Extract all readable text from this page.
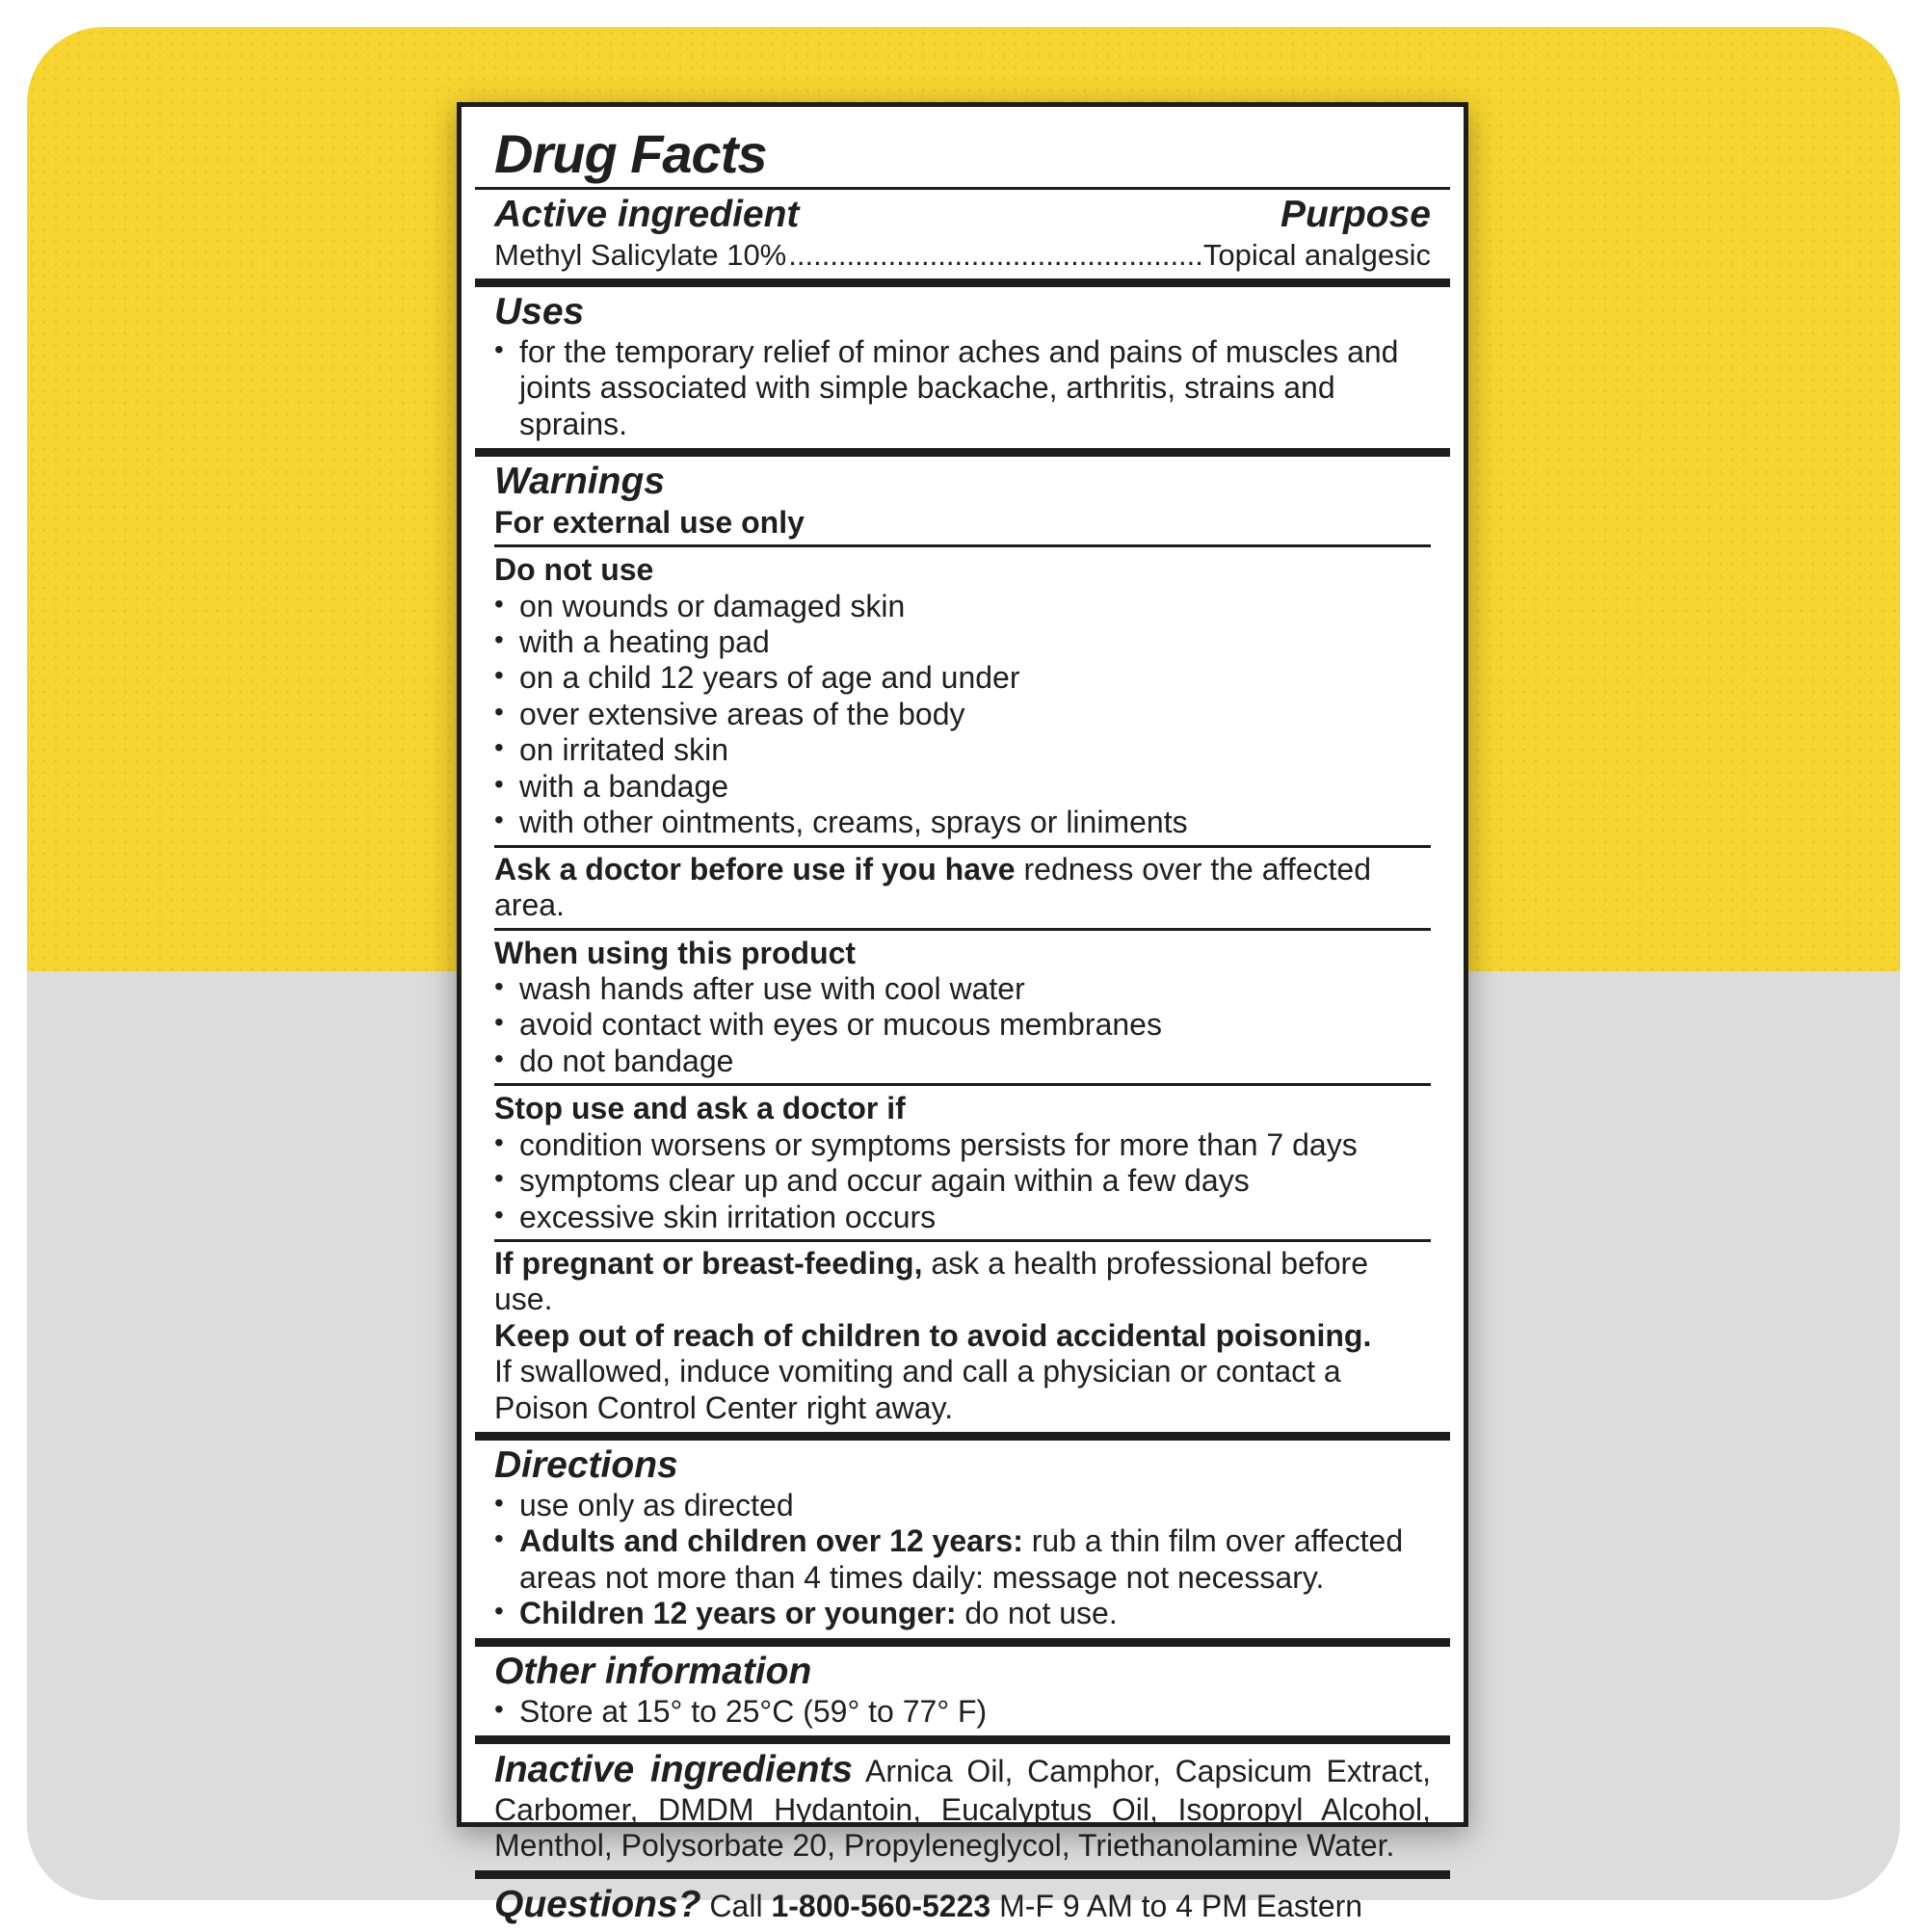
Drug Facts
Active ingredient	Purpose
Methyl Salicylate 10%
.....	Topical analgesic
Uses
• for the temporary relief of minor aches and pains of muscles and joints associated with simple backache, arthritis, strains and sprains.
Warnings
For external use only
Do not use
• on wounds or damaged skin
• with a heating pad
• on a child 12 years of age and under
• over extensive areas of the body
• on irritated skin
• with a bandage
• with other ointments, creams, sprays or liniments
Ask a doctor before use if you have redness over the affected area.
When using this product
• wash hands after use with cool water
• avoid contact with eyes or mucous membranes
• do not bandage
Stop use and ask a doctor if
• condition worsens or symptoms persists for more than 7 days
• symptoms clear up and occur again within a few days
• excessive skin irritation occurs
If pregnant or breast-feeding, ask a health professional before use.
Keep out of reach of children to avoid accidental poisoning.
If swallowed, induce vomiting and call a physician or contact a Poison Control Center right away.
Directions
• use only as directed
• Adults and children over 12 years: rub a thin film over affected areas not more than 4 times daily: message not necessary.
• Children 12 years or younger: do not use.
Other information
• Store at 15° to 25°C (59° to 77° F)
Inactive ingredients Arnica Oil, Camphor, Capsicum Extract, Carbomer, DMDM Hydantoin, Eucalyptus Oil, Isopropyl Alcohol, Menthol, Polysorbate 20, Propyleneglycol, Triethanolamine Water.
Questions? Call 1-800-560-5223 M-F 9 AM to 4 PM Eastern
